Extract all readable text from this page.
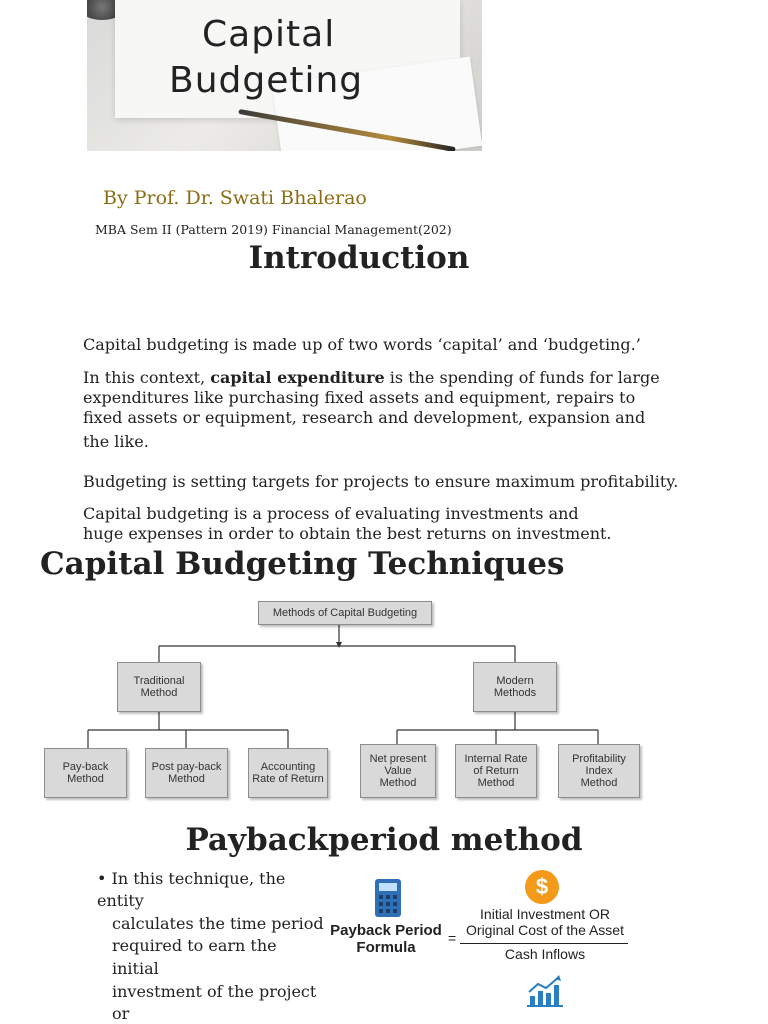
Capital
Budgeting
By Prof. Dr. Swati Bhalerao
MBA Sem II (Pattern 2019) Financial Management(202)
Introduction
Capital budgeting is made up of two words ‘capital’ and ‘budgeting.’
In this context, capital expenditure is the spending of funds for large
expenditures like purchasing fixed assets and equipment, repairs to
fixed assets or equipment, research and development, expansion and
the like.
Budgeting is setting targets for projects to ensure maximum profitability.
Capital budgeting is a process of evaluating investments and
huge expenses in order to obtain the best returns on investment.
Capital Budgeting Techniques
Methods of Capital Budgeting
Traditional
Method
Modern
Methods
Pay-back
Method
Post pay-back
Method
Accounting
Rate of Return
Net present
Value
Method
Internal Rate
of Return
Method
Profitability
Index
Method
Paybackperiod method
• In this technique, the
entity
calculates the time period
required to earn the
initial
investment of the project
or
$
Payback Period
Formula
=
Initial Investment OR
Original Cost of the Asset
Cash Inflows
